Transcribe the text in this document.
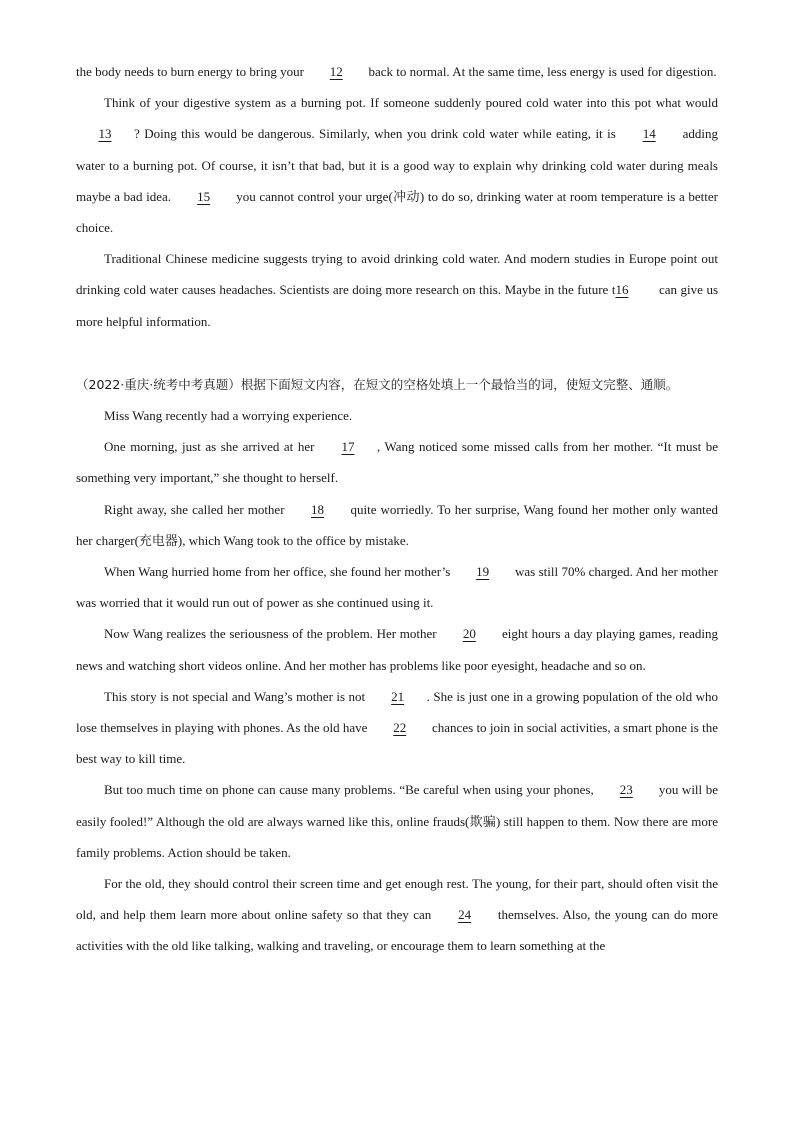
the body needs to burn energy to bring your 12 back to normal. At the same time, less energy is used for digestion.

Think of your digestive system as a burning pot. If someone suddenly poured cold water into this pot what would 13 ? Doing this would be dangerous. Similarly, when you drink cold water while eating, it is 14 adding water to a burning pot. Of course, it isn’t that bad, but it is a good way to explain why drinking cold water during meals maybe a bad idea. 15 you cannot control your urge(冲动) to do so, drinking water at room temperature is a better choice.

Traditional Chinese medicine suggests trying to avoid drinking cold water. And modern studies in Europe point out drinking cold water causes headaches. Scientists are doing more research on this. Maybe in the future t16 can give us more helpful information.

（2022·重庆·统考中考真题）根据下面短文内容，在短文的空格处填上一个最恰当的词，使短文完整、通顺。

Miss Wang recently had a worrying experience.

One morning, just as she arrived at her 17 , Wang noticed some missed calls from her mother. “It must be something very important,” she thought to herself.

Right away, she called her mother 18 quite worriedly. To her surprise, Wang found her mother only wanted her charger(充电器), which Wang took to the office by mistake.

When Wang hurried home from her office, she found her mother’s 19 was still 70% charged. And her mother was worried that it would run out of power as she continued using it.

Now Wang realizes the seriousness of the problem. Her mother 20 eight hours a day playing games, reading news and watching short videos online. And her mother has problems like poor eyesight, headache and so on.

This story is not special and Wang’s mother is not 21 . She is just one in a growing population of the old who lose themselves in playing with phones. As the old have 22 chances to join in social activities, a smart phone is the best way to kill time.

But too much time on phone can cause many problems. “Be careful when using your phones, 23 you will be easily fooled!” Although the old are always warned like this, online frauds(欺骗) still happen to them. Now there are more family problems. Action should be taken.

For the old, they should control their screen time and get enough rest. The young, for their part, should often visit the old, and help them learn more about online safety so that they can 24 themselves. Also, the young can do more activities with the old like talking, walking and traveling, or encourage them to learn something at the
